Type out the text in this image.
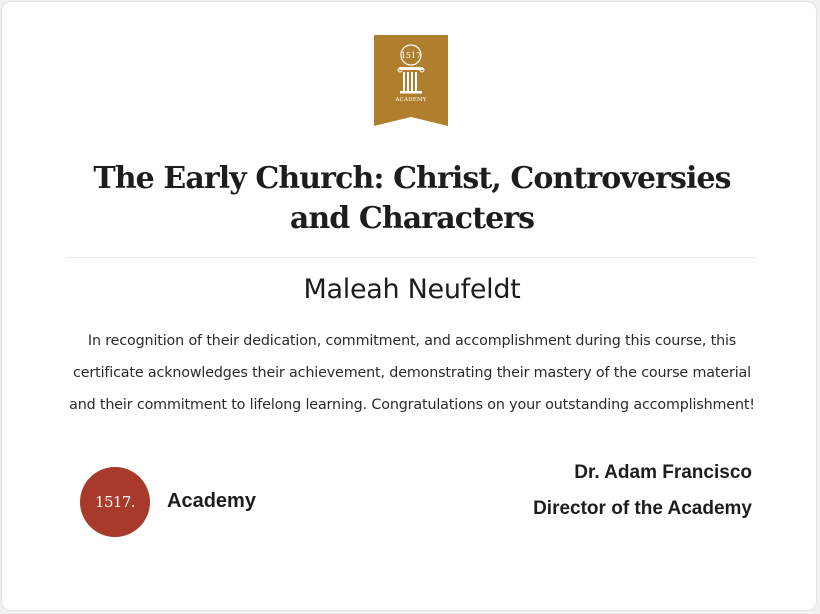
1517
ACADEMY
The Early Church: Christ, Controversies and Characters
Maleah Neufeldt

In recognition of their dedication, commitment, and accomplishment during this course, this certificate acknowledges their achievement, demonstrating their mastery of the course material and their commitment to lifelong learning. Congratulations on your outstanding accomplishment!

1517.	Academy
Dr. Adam Francisco
Director of the Academy
